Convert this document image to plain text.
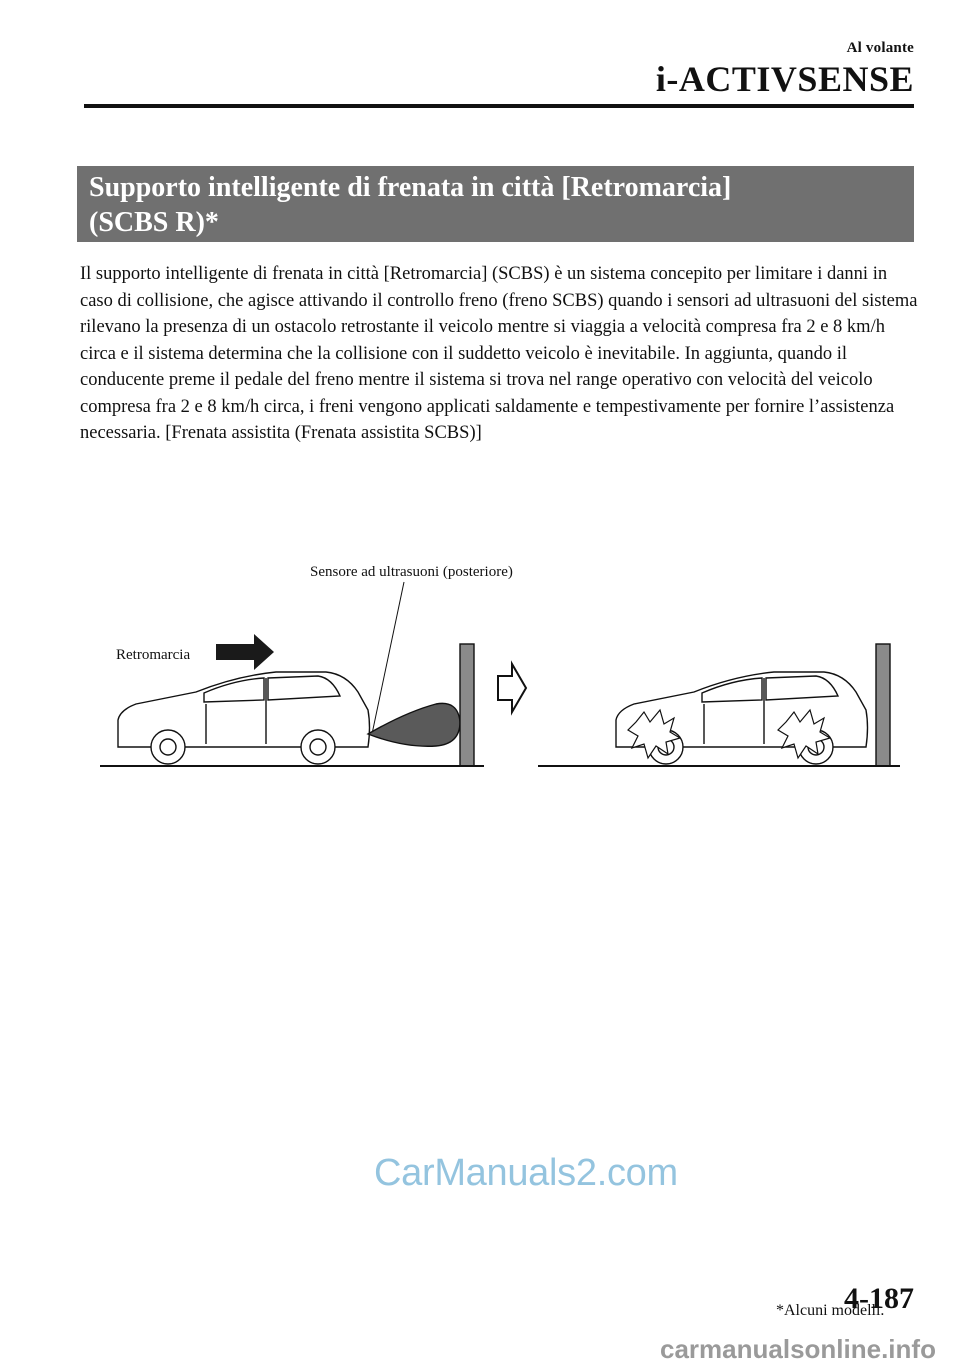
Al volante
i-ACTIVSENSE
Supporto intelligente di frenata in città [Retromarcia]
(SCBS R)*

Il supporto intelligente di frenata in città [Retromarcia] (SCBS) è un sistema concepito per limitare i danni in caso di collisione, che agisce attivando il controllo freno (freno SCBS) quando i sensori ad ultrasuoni del sistema rilevano la presenza di un ostacolo retrostante il veicolo mentre si viaggia a velocità compresa fra 2 e 8 km/h circa e il sistema determina che la collisione con il suddetto veicolo è inevitabile. In aggiunta, quando il conducente preme il pedale del freno mentre il sistema si trova nel range operativo con velocità del veicolo compresa fra 2 e 8 km/h circa, i freni vengono applicati saldamente e tempestivamente per fornire l’assistenza necessaria. [Frenata assistita (Frenata assistita SCBS)]

Sensore ad ultrasuoni (posteriore)
Retromarcia
CarManuals2.com
*Alcuni modelli.
4-187
carmanualsonline.info
